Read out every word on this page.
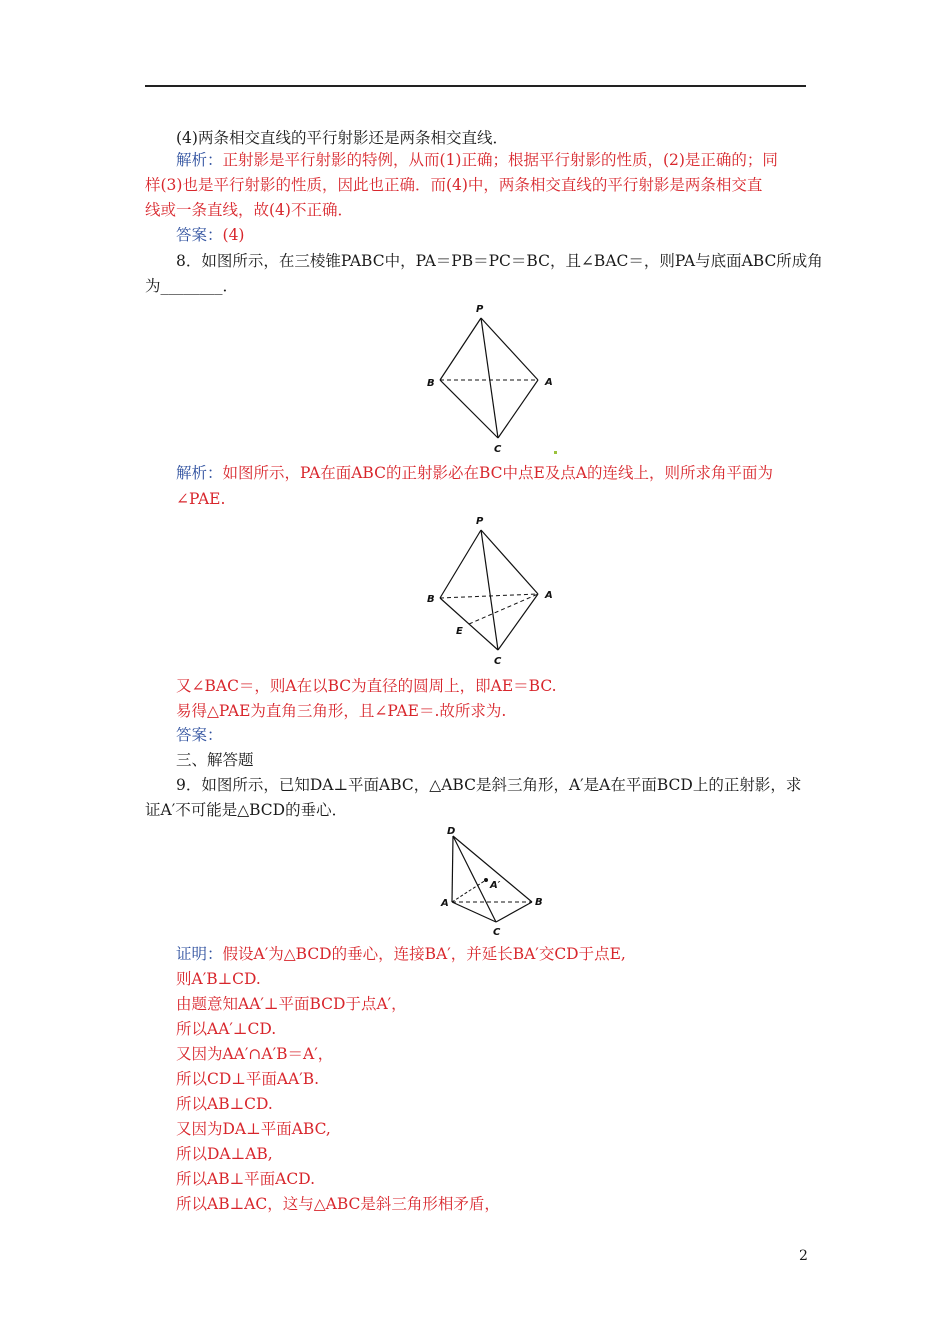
(4)两条相交直线的平行射影还是两条相交直线．
解析：正射影是平行射影的特例，从而(1)正确；根据平行射影的性质，(2)是正确的；同
样(3)也是平行射影的性质，因此也正确．而(4)中，两条相交直线的平行射影是两条相交直
线或一条直线，故(4)不正确．
答案：(4)
8．如图所示，在三棱锥PABC中，PA＝PB＝PC＝BC，且∠BAC＝，则PA与底面ABC所成角
为________．
P
B	A
C
解析：如图所示，PA在面ABC的正射影必在BC中点E及点A的连线上，则所求角平面为
∠PAE.
P
B	A
E
C
又∠BAC＝，则A在以BC为直径的圆周上，即AE＝BC.
易得△PAE为直角三角形，且∠PAE＝.故所求为.
答案：
三、解答题
9．如图所示，已知DA⊥平面ABC，△ABC是斜三角形，A′是A在平面BCD上的正射影，求
证A′不可能是△BCD的垂心．
D
A′
A	B
C
证明：假设A′为△BCD的垂心，连接BA′，并延长BA′交CD于点E,
则A′B⊥CD.
由题意知AA′⊥平面BCD于点A′，
所以AA′⊥CD.
又因为AA′∩A′B＝A′，
所以CD⊥平面AA′B.
所以AB⊥CD.
又因为DA⊥平面ABC,
所以DA⊥AB,
所以AB⊥平面ACD.
所以AB⊥AC，这与△ABC是斜三角形相矛盾，
2
